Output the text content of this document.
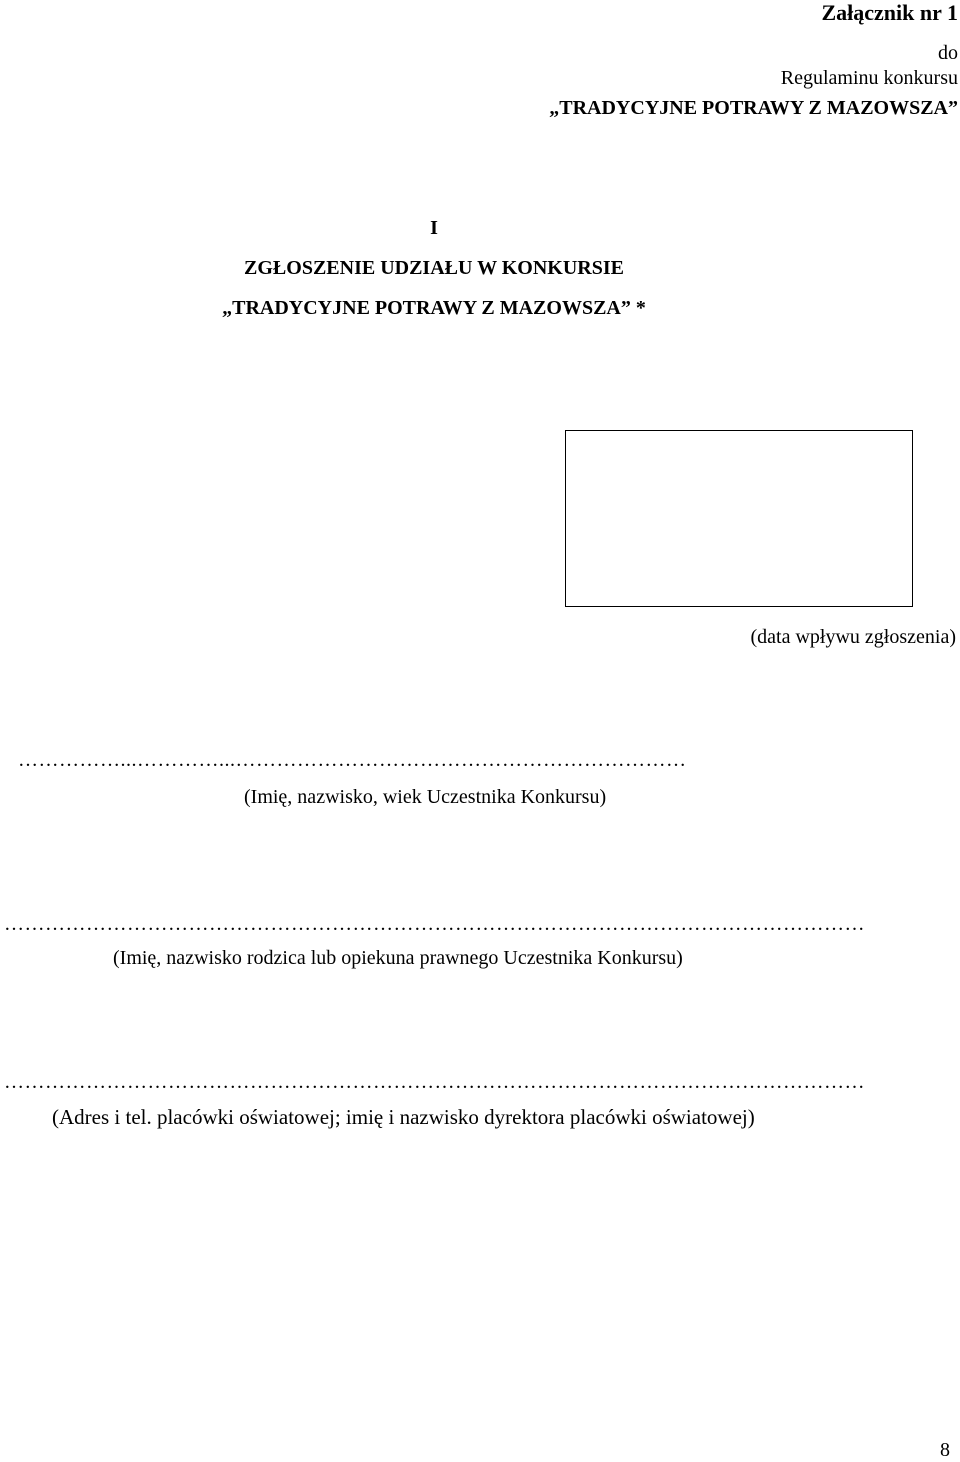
Załącznik nr 1
do
Regulaminu konkursu
„TRADYCYJNE POTRAWY Z MAZOWSZA”
I
ZGŁOSZENIE UDZIAŁU W KONKURSIE
„TRADYCYJNE POTRAWY Z MAZOWSZA” *
(data wpływu zgłoszenia)
……………...…………...…………………………………………………………
(Imię, nazwisko, wiek Uczestnika Konkursu)
………………………………………………………………………………………………………………
(Imię, nazwisko rodzica lub opiekuna prawnego Uczestnika Konkursu)
………………………………………………………………………………………………………………
(Adres i tel. placówki oświatowej; imię i nazwisko dyrektora placówki oświatowej)
8
